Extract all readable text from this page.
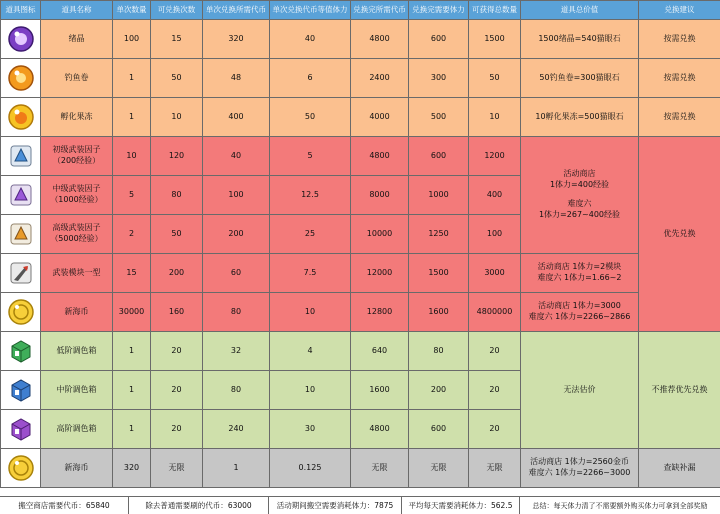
道具图标	道具名称	单次数量	可兑换次数	单次兑换所需代币	单次兑换代币等值体力	兑换完所需代币	兑换完需要体力	可获得总数量	道具总价值	兑换建议

	绪晶	100	15	320	40	4800	600	1500	1500绪晶=540猫眼石	按需兑换

	钓鱼卷	1	50	48	6	2400	300	50	50钓鱼卷=300猫眼石	按需兑换

	孵化果冻	1	10	400	50	4000	500	10	10孵化果冻=500猫眼石	按需兑换

	初级武装因子（200经验）	10	120	40	5	4800	600	1200	活动商店
1体力=400经验
难度六
1体力=267~400经验	优先兑换

	中级武装因子（1000经验）	5	80	100	12.5	8000	1000	400		

	高级武装因子（5000经验）	2	50	200	25	10000	1250	100		

	武装模块一型	15	200	60	7.5	12000	1500	3000	活动商店 1体力=2模块
难度六 1体力=1.66~2	

	新海币	30000	160	80	10	12800	1600	4800000	活动商店 1体力=3000
难度六 1体力=2266~2866	

	低阶调色箱	1	20	32	4	640	80	20	无法估价	不推荐优先兑换

	中阶调色箱	1	20	80	10	1600	200	20		

	高阶调色箱	1	20	240	30	4800	600	20		

	新海币	320	无限	1	0.125	无限	无限	无限	活动商店 1体力=2560金币
难度六 1体力=2266~3000	查缺补漏
搬空商店需要代币： 65840	除去普通需要刷的代币： 63000	活动期间搬空需要消耗体力： 7875 平均每天需要消耗体力： 562.5	总结： 每天体力清了不需要额外购买体力可拿到全部奖励
